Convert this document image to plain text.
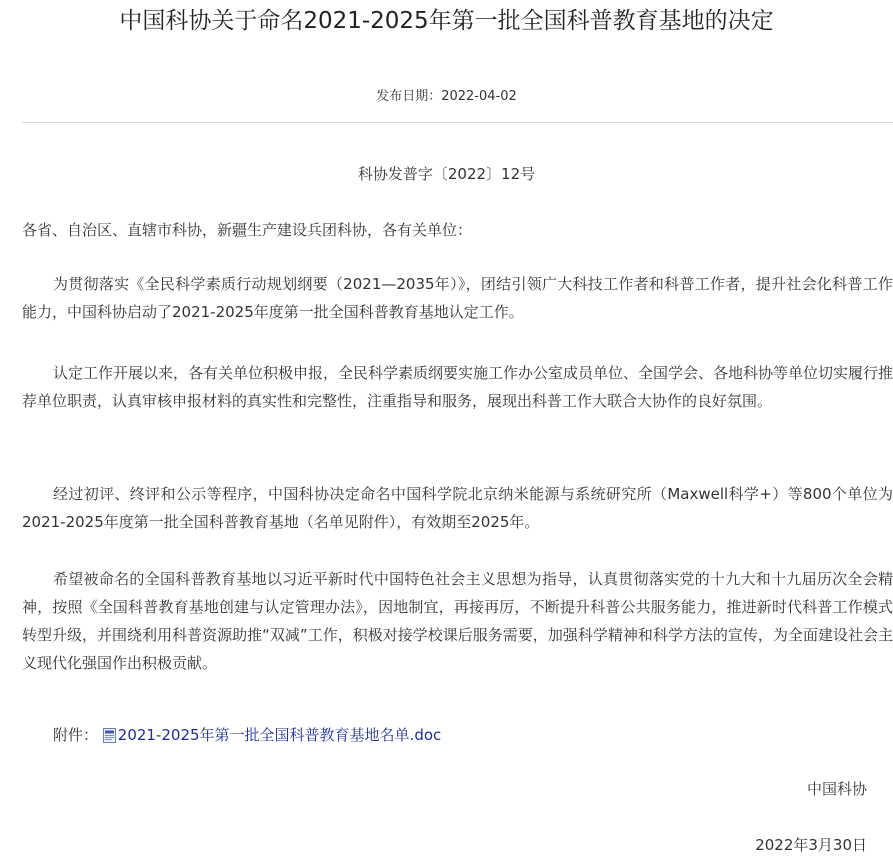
中国科协关于命名2021-2025年第一批全国科普教育基地的决定
发布日期：2022-04-02
科协发普字〔2022〕12号

各省、自治区、直辖市科协，新疆生产建设兵团科协，各有关单位：

为贯彻落实《全民科学素质行动规划纲要（2021—2035年）》，团结引领广大科技工作者和科普工作者，提升社会化科普工作能力，中国科协启动了2021-2025年度第一批全国科普教育基地认定工作。

认定工作开展以来，各有关单位积极申报，全民科学素质纲要实施工作办公室成员单位、全国学会、各地科协等单位切实履行推荐单位职责，认真审核申报材料的真实性和完整性，注重指导和服务，展现出科普工作大联合大协作的良好氛围。

经过初评、终评和公示等程序，中国科协决定命名中国科学院北京纳米能源与系统研究所（Maxwell科学+）等800个单位为2021-2025年度第一批全国科普教育基地（名单见附件），有效期至2025年。

希望被命名的全国科普教育基地以习近平新时代中国特色社会主义思想为指导，认真贯彻落实党的十九大和十九届历次全会精神，按照《全国科普教育基地创建与认定管理办法》，因地制宜，再接再厉，不断提升科普公共服务能力，推进新时代科普工作模式转型升级，并围绕利用科普资源助推“双减”工作，积极对接学校课后服务需要，加强科学精神和科学方法的宣传，为全面建设社会主义现代化强国作出积极贡献。

附件： 2021-2025年第一批全国科普教育基地名单.doc
中国科协
2022年3月30日
